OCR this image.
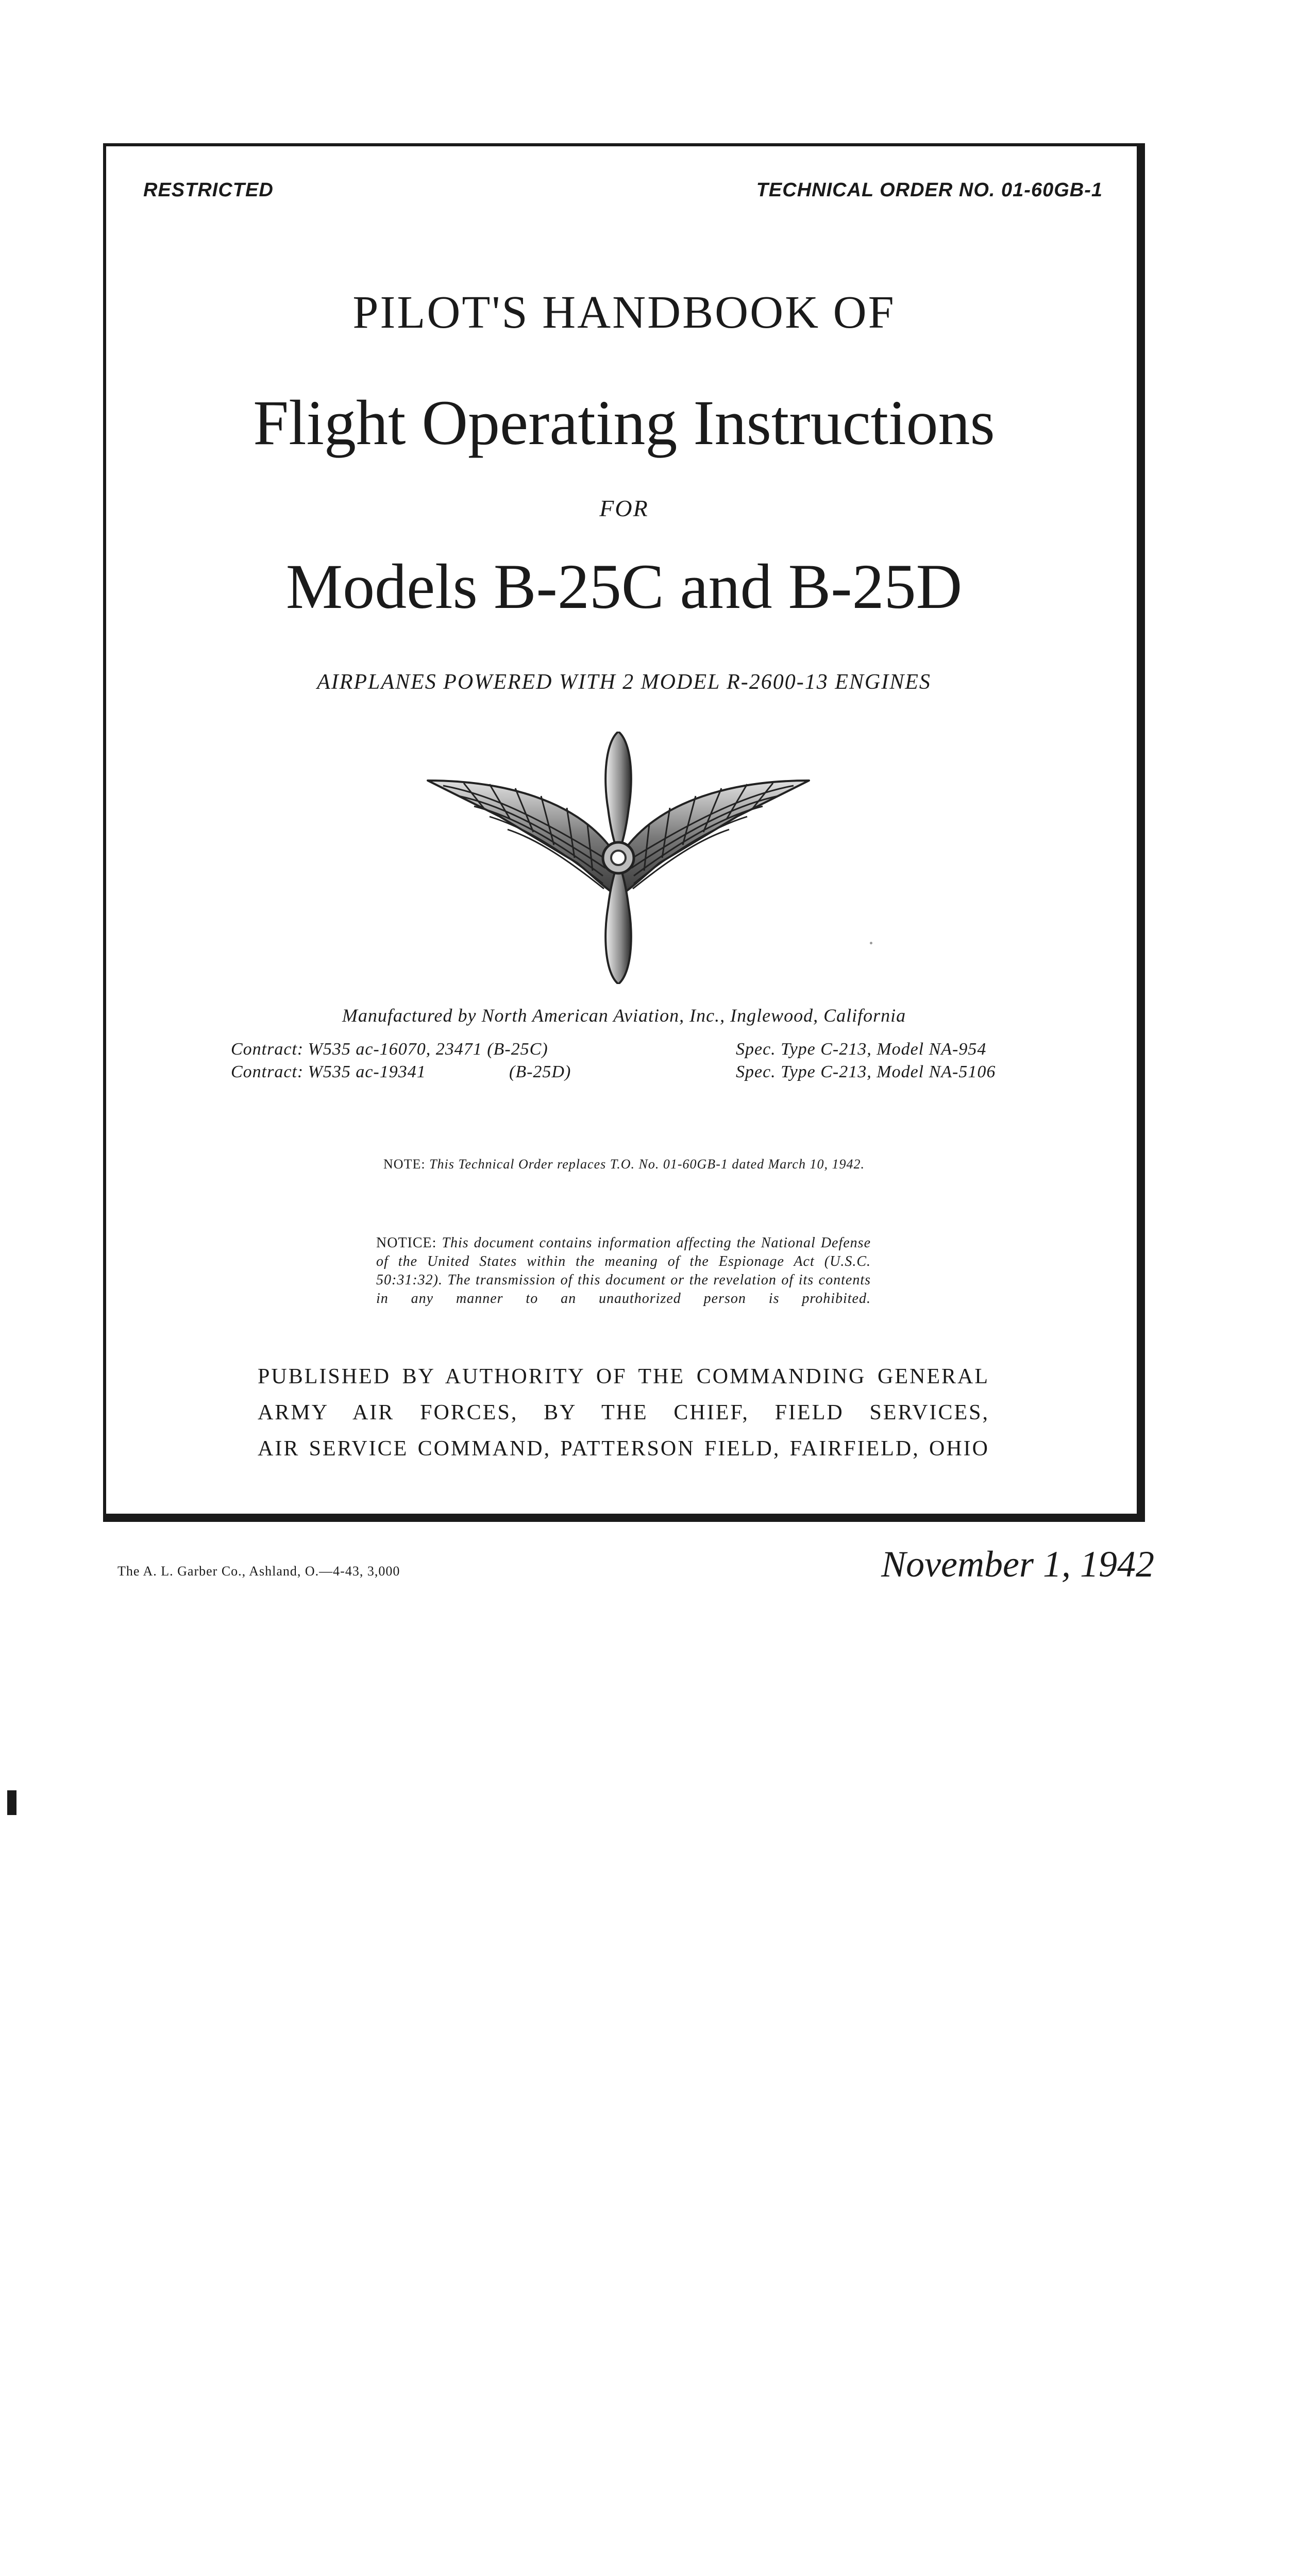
RESTRICTED	TECHNICAL ORDER NO. 01-60GB-1
PILOT'S HANDBOOK OF
Flight Operating Instructions
FOR
Models B-25C and B-25D
AIRPLANES POWERED WITH 2 MODEL R-2600-13 ENGINES
Manufactured by North American Aviation, Inc., Inglewood, California
Contract: W535 ac-16070, 23471 (B-25C)	Spec. Type C-213, Model NA-954
Contract: W535 ac-19341	(B-25D)	Spec. Type C-213, Model NA-5106
NOTE: This Technical Order replaces T.O. No. 01-60GB-1 dated March 10, 1942.
NOTICE: This document contains information affecting the National Defense of the United States within the meaning of the Espionage Act (U.S.C. 50:31:32). The transmission of this document or the revelation of its contents in any manner to an unauthorized person is prohibited.
PUBLISHED BY AUTHORITY OF THE COMMANDING GENERAL
ARMY AIR FORCES, BY THE CHIEF, FIELD SERVICES,
AIR SERVICE COMMAND, PATTERSON FIELD, FAIRFIELD, OHIO
The A. L. Garber Co., Ashland, O.—4-43, 3,000	November 1, 1942
